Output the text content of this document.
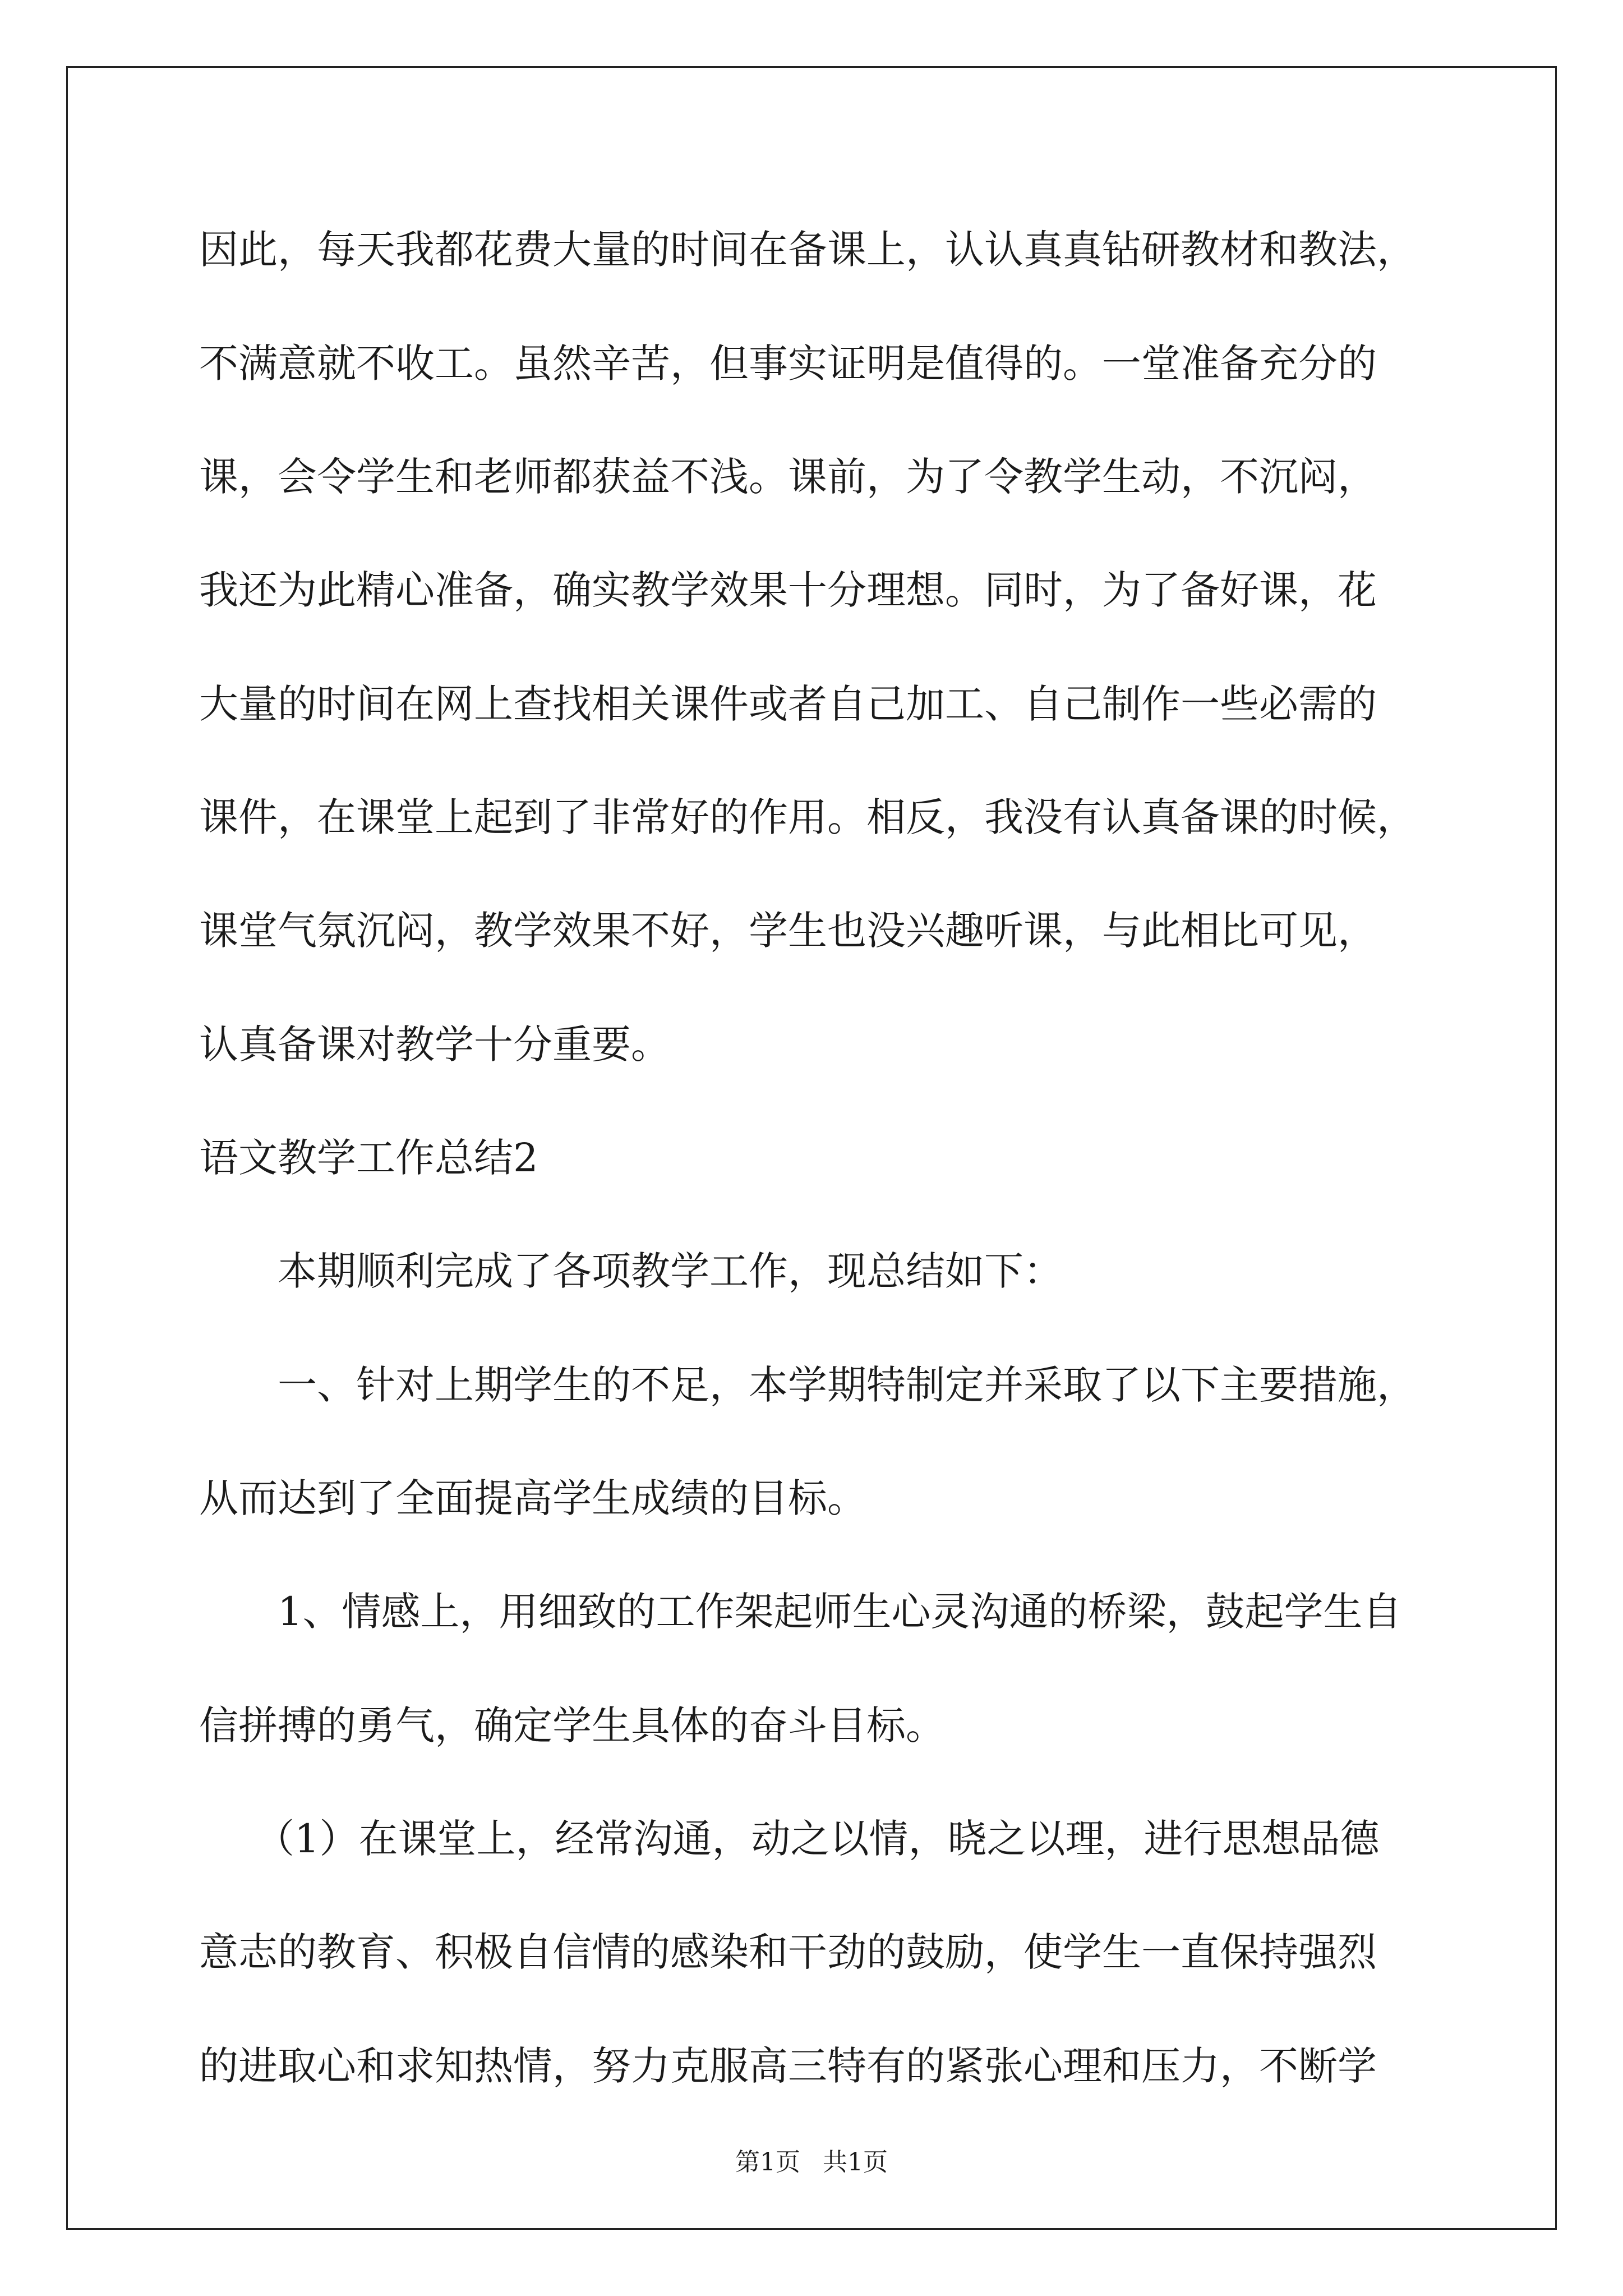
因此，每天我都花费大量的时间在备课上，认认真真钻研教材和教法，
不满意就不收工。虽然辛苦，但事实证明是值得的。一堂准备充分的
课，会令学生和老师都获益不浅。课前，为了令教学生动，不沉闷，
我还为此精心准备，确实教学效果十分理想。同时，为了备好课，花
大量的时间在网上查找相关课件或者自己加工、自己制作一些必需的
课件，在课堂上起到了非常好的作用。相反，我没有认真备课的时候，
课堂气氛沉闷，教学效果不好，学生也没兴趣听课，与此相比可见，
认真备课对教学十分重要。
语文教学工作总结2
本期顺利完成了各项教学工作，现总结如下：
一、针对上期学生的不足，本学期特制定并采取了以下主要措施，
从而达到了全面提高学生成绩的目标。
1、情感上，用细致的工作架起师生心灵沟通的桥梁，鼓起学生自
信拼搏的勇气，确定学生具体的奋斗目标。
（1）在课堂上，经常沟通，动之以情，晓之以理，进行思想品德
意志的教育、积极自信情的感染和干劲的鼓励，使学生一直保持强烈
的进取心和求知热情，努力克服高三特有的紧张心理和压力，不断学
第1页 共1页
